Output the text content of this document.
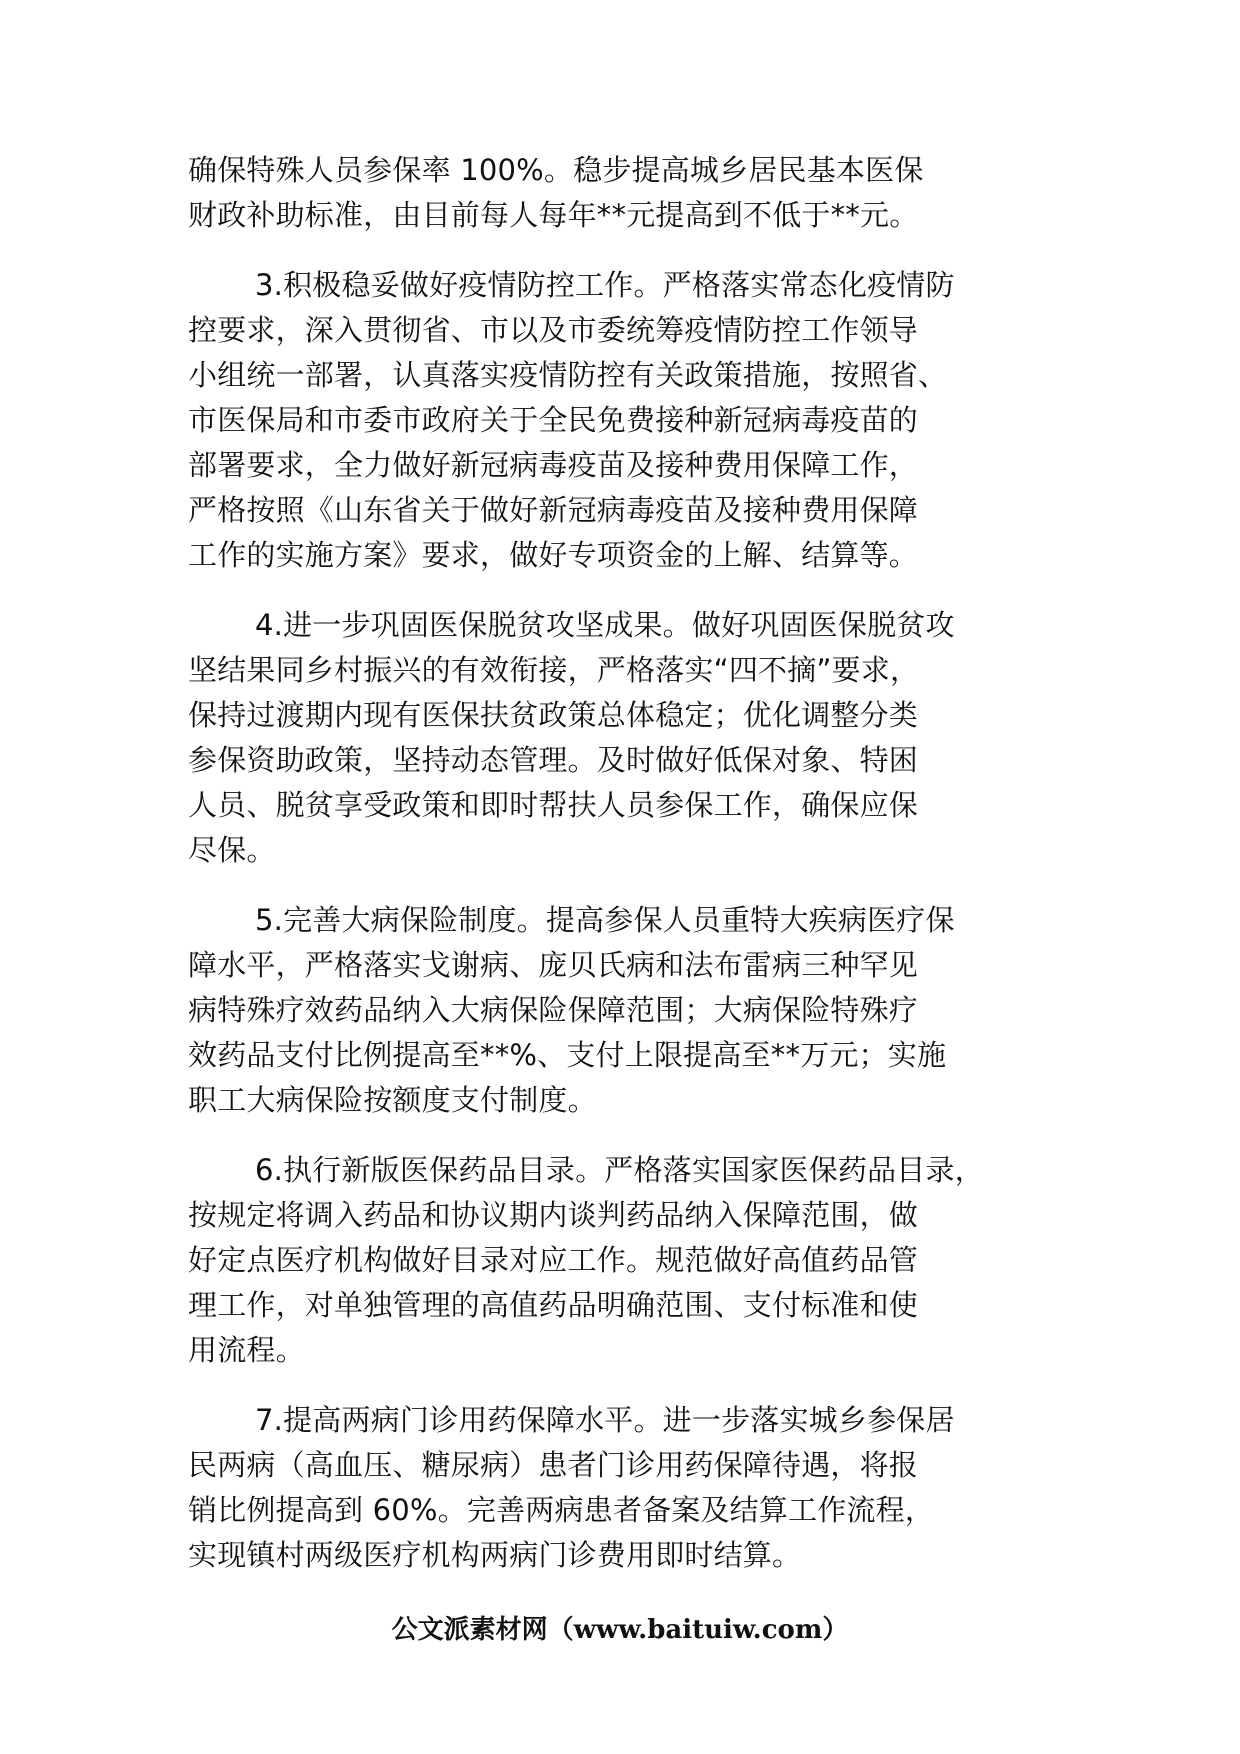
确保特殊人员参保率 100%。稳步提高城乡居民基本医保
财政补助标准，由目前每人每年**元提高到不低于**元。
3.积极稳妥做好疫情防控工作。严格落实常态化疫情防
控要求，深入贯彻省、市以及市委统筹疫情防控工作领导
小组统一部署，认真落实疫情防控有关政策措施，按照省、
市医保局和市委市政府关于全民免费接种新冠病毒疫苗的
部署要求，全力做好新冠病毒疫苗及接种费用保障工作，
严格按照《山东省关于做好新冠病毒疫苗及接种费用保障
工作的实施方案》要求，做好专项资金的上解、结算等。
4.进一步巩固医保脱贫攻坚成果。做好巩固医保脱贫攻
坚结果同乡村振兴的有效衔接，严格落实“四不摘”要求，
保持过渡期内现有医保扶贫政策总体稳定；优化调整分类
参保资助政策，坚持动态管理。及时做好低保对象、特困
人员、脱贫享受政策和即时帮扶人员参保工作，确保应保
尽保。
5.完善大病保险制度。提高参保人员重特大疾病医疗保
障水平，严格落实戈谢病、庞贝氏病和法布雷病三种罕见
病特殊疗效药品纳入大病保险保障范围；大病保险特殊疗
效药品支付比例提高至**%、支付上限提高至**万元；实施
职工大病保险按额度支付制度。
6.执行新版医保药品目录。严格落实国家医保药品目录，
按规定将调入药品和协议期内谈判药品纳入保障范围，做
好定点医疗机构做好目录对应工作。规范做好高值药品管
理工作，对单独管理的高值药品明确范围、支付标准和使
用流程。
7.提高两病门诊用药保障水平。进一步落实城乡参保居
民两病（高血压、糖尿病）患者门诊用药保障待遇，将报
销比例提高到 60%。完善两病患者备案及结算工作流程，
实现镇村两级医疗机构两病门诊费用即时结算。
公文派素材网（www.baituiw.com）
